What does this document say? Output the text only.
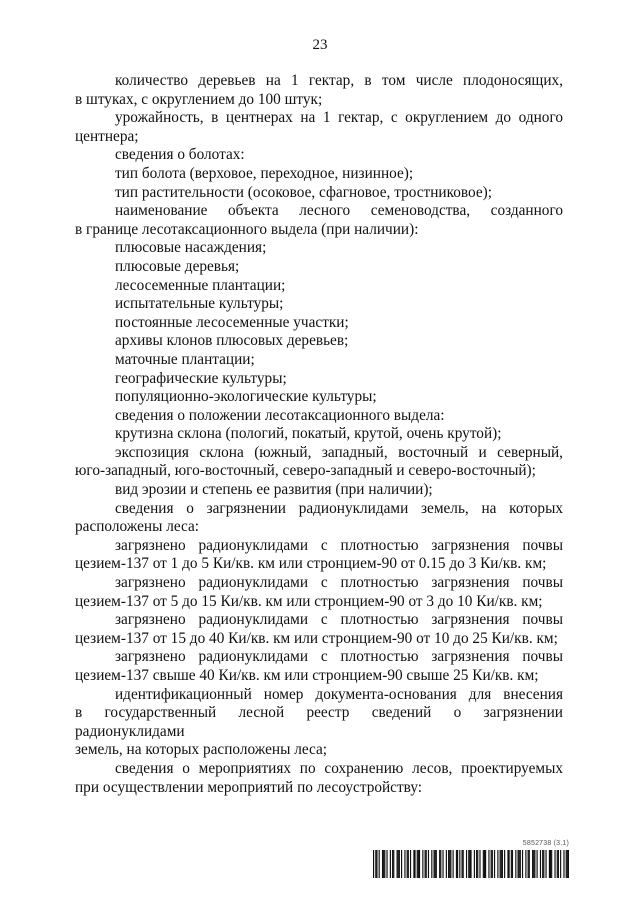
23
количество деревьев на 1 гектар, в том числе плодоносящих,
в штуках, с округлением до 100 штук;
урожайность, в центнерах на 1 гектар, с округлением до одного
центнера;
сведения о болотах:
тип болота (верховое, переходное, низинное);
тип растительности (осоковое, сфагновое, тростниковое);
наименование объекта лесного семеноводства, созданного
в границе лесотаксационного выдела (при наличии):
плюсовые насаждения;
плюсовые деревья;
лесосеменные плантации;
испытательные культуры;
постоянные лесосеменные участки;
архивы клонов плюсовых деревьев;
маточные плантации;
географические культуры;
популяционно-экологические культуры;
сведения о положении лесотаксационного выдела:
крутизна склона (пологий, покатый, крутой, очень крутой);
экспозиция склона (южный, западный, восточный и северный,
юго-западный, юго-восточный, северо-западный и северо-восточный);
вид эрозии и степень ее развития (при наличии);
сведения о загрязнении радионуклидами земель, на которых
расположены леса:
загрязнено радионуклидами с плотностью загрязнения почвы
цезием-137 от 1 до 5 Ки/кв. км или стронцием-90 от 0.15 до 3 Ки/кв. км;
загрязнено радионуклидами с плотностью загрязнения почвы
цезием-137 от 5 до 15 Ки/кв. км или стронцием-90 от 3 до 10 Ки/кв. км;
загрязнено радионуклидами с плотностью загрязнения почвы
цезием-137 от 15 до 40 Ки/кв. км или стронцием-90 от 10 до 25 Ки/кв. км;
загрязнено радионуклидами с плотностью загрязнения почвы
цезием-137 свыше 40 Ки/кв. км или стронцием-90 свыше 25 Ки/кв. км;
идентификационный номер документа-основания для внесения
в государственный лесной реестр сведений о загрязнении радионуклидами
земель, на которых расположены леса;
сведения о мероприятиях по сохранению лесов, проектируемых
при осуществлении мероприятий по лесоустройству:
5852738 (3.1)
